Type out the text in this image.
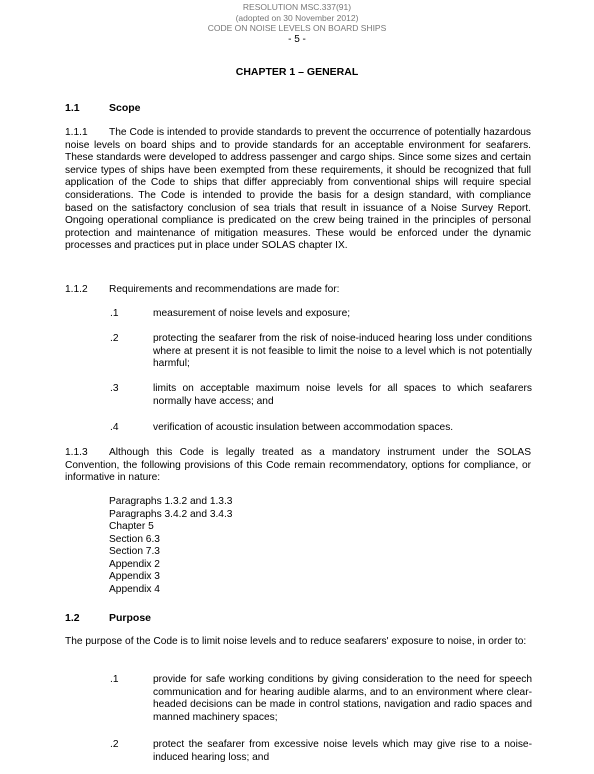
RESOLUTION MSC.337(91)
(adopted on 30 November 2012)
CODE ON NOISE LEVELS ON BOARD SHIPS
- 5 -
CHAPTER 1 – GENERAL
1.1	Scope

1.1.1 The Code is intended to provide standards to prevent the occurrence of potentially hazardous noise levels on board ships and to provide standards for an acceptable environment for seafarers. These standards were developed to address passenger and cargo ships. Since some sizes and certain service types of ships have been exempted from these requirements, it should be recognized that full application of the Code to ships that differ appreciably from conventional ships will require special considerations. The Code is intended to provide the basis for a design standard, with compliance based on the satisfactory conclusion of sea trials that result in issuance of a Noise Survey Report. Ongoing operational compliance is predicated on the crew being trained in the principles of personal protection and maintenance of mitigation measures. These would be enforced under the dynamic processes and practices put in place under SOLAS chapter IX.

1.1.2 Requirements and recommendations are made for:

.1	measurement of noise levels and exposure;
.2	protecting the seafarer from the risk of noise-induced hearing loss under conditions where at present it is not feasible to limit the noise to a level which is not potentially harmful;
.3	limits on acceptable maximum noise levels for all spaces to which seafarers normally have access; and
.4	verification of acoustic insulation between accommodation spaces.

1.1.3 Although this Code is legally treated as a mandatory instrument under the SOLAS Convention, the following provisions of this Code remain recommendatory, options for compliance, or informative in nature:

Paragraphs 1.3.2 and 1.3.3
Paragraphs 3.4.2 and 3.4.3
Chapter 5
Section 6.3
Section 7.3
Appendix 2
Appendix 3
Appendix 4
1.2	Purpose

The purpose of the Code is to limit noise levels and to reduce seafarers' exposure to noise, in order to:

.1	provide for safe working conditions by giving consideration to the need for speech communication and for hearing audible alarms, and to an environment where clear-headed decisions can be made in control stations, navigation and radio spaces and manned machinery spaces;
.2	protect the seafarer from excessive noise levels which may give rise to a noise-induced hearing loss; and
